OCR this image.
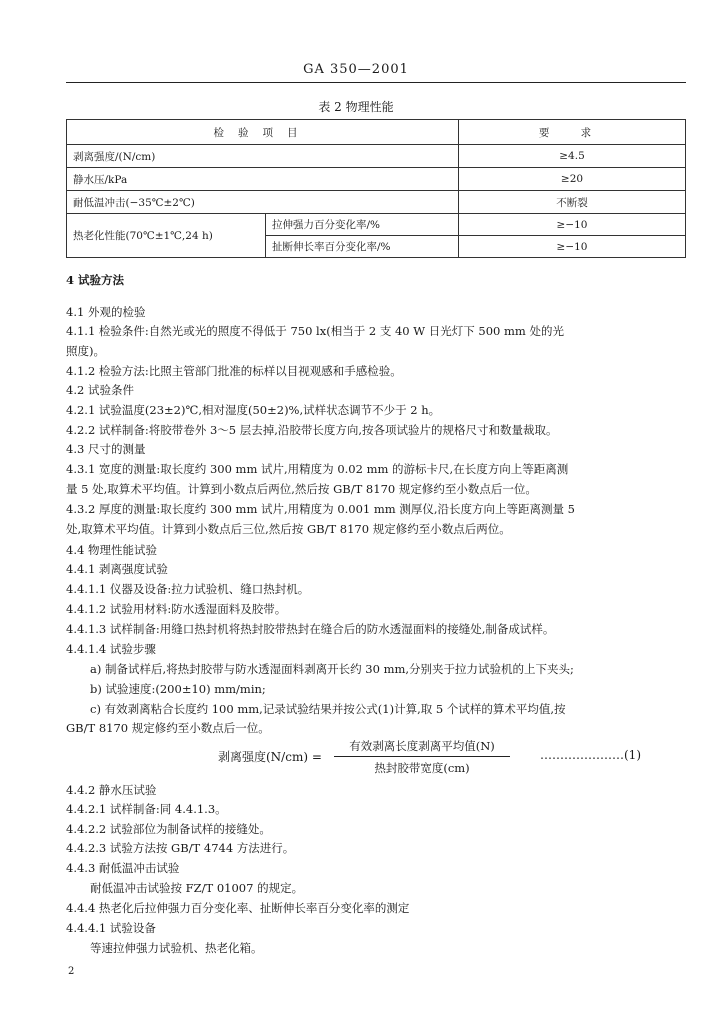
GA 350—2001
表 2 物理性能
检验项目		要 求
剥离强度/(N/cm)		≥4.5
静水压/kPa		≥20
耐低温冲击(−35℃±2℃)		不断裂
热老化性能(70℃±1℃,24 h)	拉伸强力百分变化率/%	≥−10
	扯断伸长率百分变化率/%	≥−10
4 试验方法
4.1 外观的检验
4.1.1 检验条件:自然光或光的照度不得低于 750 lx(相当于 2 支 40 W 日光灯下 500 mm 处的光
照度)。
4.1.2 检验方法:比照主管部门批准的标样以目视观感和手感检验。
4.2 试验条件
4.2.1 试验温度(23±2)℃,相对湿度(50±2)%,试样状态调节不少于 2 h。
4.2.2 试样制备:将胶带卷外 3～5 层去掉,沿胶带长度方向,按各项试验片的规格尺寸和数量裁取。
4.3 尺寸的测量
4.3.1 宽度的测量:取长度约 300 mm 试片,用精度为 0.02 mm 的游标卡尺,在长度方向上等距离测
量 5 处,取算术平均值。计算到小数点后两位,然后按 GB/T 8170 规定修约至小数点后一位。
4.3.2 厚度的测量:取长度约 300 mm 试片,用精度为 0.001 mm 测厚仪,沿长度方向上等距离测量 5
处,取算术平均值。计算到小数点后三位,然后按 GB/T 8170 规定修约至小数点后两位。
4.4 物理性能试验
4.4.1 剥离强度试验
4.4.1.1 仪器及设备:拉力试验机、缝口热封机。
4.4.1.2 试验用材料:防水透湿面料及胶带。
4.4.1.3 试样制备:用缝口热封机将热封胶带热封在缝合后的防水透湿面料的接缝处,制备成试样。
4.4.1.4 试验步骤
a) 制备试样后,将热封胶带与防水透湿面料剥离开长约 30 mm,分别夹于拉力试验机的上下夹头;
b) 试验速度:(200±10) mm/min;
c) 有效剥离粘合长度约 100 mm,记录试验结果并按公式(1)计算,取 5 个试样的算术平均值,按
GB/T 8170 规定修约至小数点后一位。
剥离强度(N/cm) =
有效剥离长度剥离平均值(N)
热封胶带宽度(cm)
…………………(1)
4.4.2 静水压试验
4.4.2.1 试样制备:同 4.4.1.3。
4.4.2.2 试验部位为制备试样的接缝处。
4.4.2.3 试验方法按 GB/T 4744 方法进行。
4.4.3 耐低温冲击试验
耐低温冲击试验按 FZ/T 01007 的规定。
4.4.4 热老化后拉伸强力百分变化率、扯断伸长率百分变化率的测定
4.4.4.1 试验设备
等速拉伸强力试验机、热老化箱。
2
